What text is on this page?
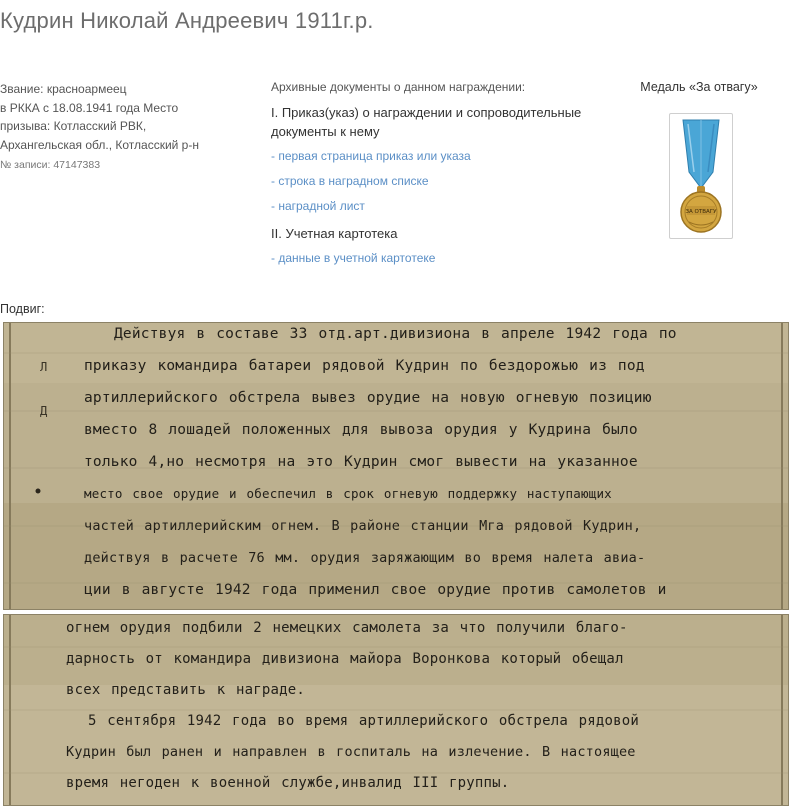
Кудрин Николай Андреевич 1911г.р.
Звание: красноармеец
в РККА с 18.08.1941 года Место
призыва: Котласский РВК,
Архангельская обл., Котласский р-н
№ записи: 47147383
Архивные документы о данном награждении:
I. Приказ(указ) о награждении и сопроводительные документы к нему
- первая страница приказ или указа
- строка в наградном списке
- наградной лист
II. Учетная картотека
- данные в учетной картотеке
Медаль «За отвагу»
ЗА ОТВАГУ
Подвиг:
Л
Д

Действуя в составе 33 отд.арт.дивизиона в апреле 1942 года по

приказу командира батареи рядовой Кудрин по бездорожью из под

артиллерийского обстрела вывез орудие на новую огневую позицию

вместо 8 лошадей положенных для вывоза орудия у Кудрина было

только 4,но несмотря на это Кудрин смог вывести на указанное

место свое орудие и обеспечил в срок огневую поддержку наступающих

частей артиллерийским огнем. В районе станции Мга рядовой Кудрин,

действуя в расчете 76 мм. орудия заряжающим во время налета авиа-

ции в августе 1942 года применил свое орудие против самолетов и

огнем орудия подбили 2 немецких самолета за что получили благо-

дарность от командира дивизиона майора Воронкова который обещал

всех представить к награде.

5 сентября 1942 года во время артиллерийского обстрела рядовой

Кудрин был ранен и направлен в госпиталь на излечение. В настоящее

время негоден к военной службе,инвалид III группы.
